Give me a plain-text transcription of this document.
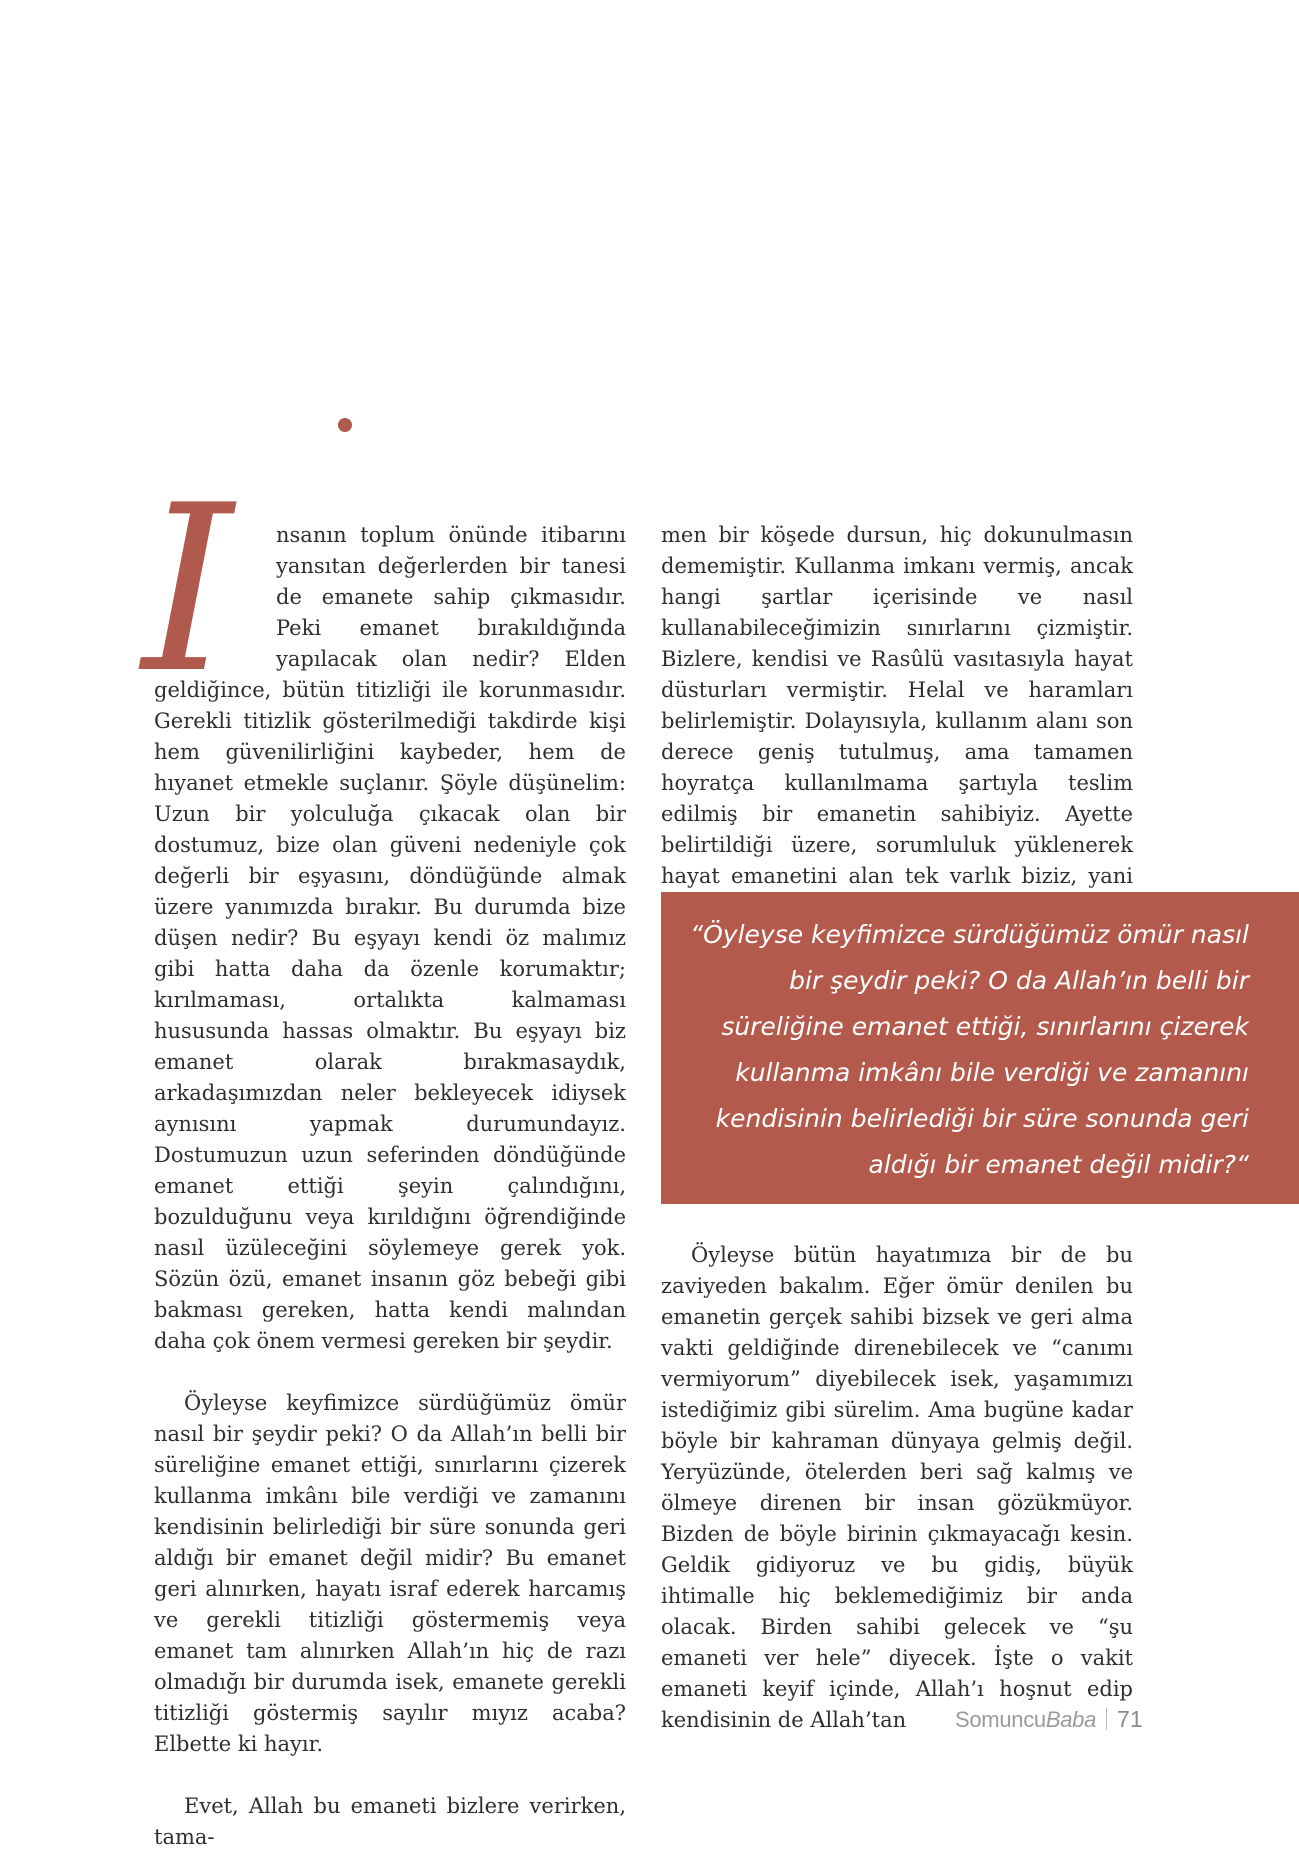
I	nsanın toplum önünde itibarını yansıtan değerlerden bir tanesi de emanete sahip çıkmasıdır. Peki emanet bırakıldığında yapılacak olan nedir? Elden geldiğince, bütün titizliği ile korunmasıdır. Gerekli titizlik gösterilmediği takdirde kişi hem güvenilirliğini kaybeder, hem de hıyanet etmekle suçlanır. Şöyle düşünelim: Uzun bir yolculuğa çıkacak olan bir dostumuz, bize olan güveni nedeniyle çok değerli bir eşyasını, döndüğünde almak üzere yanımızda bırakır. Bu durumda bize düşen nedir? Bu eşyayı kendi öz malımız gibi hatta daha da özenle korumaktır; kırılmaması, ortalıkta kalmaması hususunda hassas olmaktır. Bu eşyayı biz emanet olarak bırakmasaydık, arkadaşımızdan neler bekleyecek idiysek aynısını yapmak durumundayız. Dostumuzun uzun seferinden döndüğünde emanet ettiği şeyin çalındığını, bozulduğunu veya kırıldığını öğrendiğinde nasıl üzüleceğini söylemeye gerek yok. Sözün özü, emanet insanın göz bebeği gibi bakması gereken, hatta kendi malından daha çok önem vermesi gereken bir şeydir.

Öyleyse keyfimizce sürdüğümüz ömür nasıl bir şeydir peki? O da Allah’ın belli bir süreliğine emanet ettiği, sınırlarını çizerek kullanma imkânı bile verdiği ve zamanını kendisinin belirlediği bir süre sonunda geri aldığı bir emanet değil midir? Bu emanet geri alınırken, hayatı israf ederek harcamış ve gerekli titizliği göstermemiş veya emanet tam alınırken Allah’ın hiç de razı olmadığı bir durumda isek, emanete gerekli titizliği göstermiş sayılır mıyız acaba? Elbette ki hayır.

Evet, Allah bu emaneti bizlere verirken, tama-

men bir köşede dursun, hiç dokunulmasın dememiştir. Kullanma imkanı vermiş, ancak hangi şartlar içerisinde ve nasıl kullanabileceğimizin sınırlarını çizmiştir. Bizlere, kendisi ve Rasûlü vasıtasıyla hayat düsturları vermiştir. Helal ve haramları belirlemiştir. Dolayısıyla, kullanım alanı son derece geniş tutulmuş, ama tamamen hoyratça kullanılmama şartıyla teslim edilmiş bir emanetin sahibiyiz. Ayette belirtildiği üzere, sorumluluk yüklenerek hayat emanetini alan tek varlık biziz, yani

“Öyleyse keyfimizce sürdüğümüz ömür nasıl bir şeydir peki? O da Allah’ın belli bir süreliğine emanet ettiği, sınırlarını çizerek kullanma imkânı bile verdiği ve zamanını kendisinin belirlediği bir süre sonunda geri aldığı bir emanet değil midir?“

Öyleyse bütün hayatımıza bir de bu zaviyeden bakalım. Eğer ömür denilen bu emanetin gerçek sahibi bizsek ve geri alma vakti geldiğinde direnebilecek ve “canımı vermiyorum” diyebilecek isek, yaşamımızı istediğimiz gibi sürelim. Ama bugüne kadar böyle bir kahraman dünyaya gelmiş değil. Yeryüzünde, ötelerden beri sağ kalmış ve ölmeye direnen bir insan gözükmüyor. Bizden de böyle birinin çıkmayacağı kesin. Geldik gidiyoruz ve bu gidiş, büyük ihtimalle hiç beklemediğimiz bir anda olacak. Birden sahibi gelecek ve “şu emaneti ver hele” diyecek. İşte o vakit emaneti keyif içinde, Allah’ı hoşnut edip kendisinin de Allah’tan	SomuncuBaba 71
